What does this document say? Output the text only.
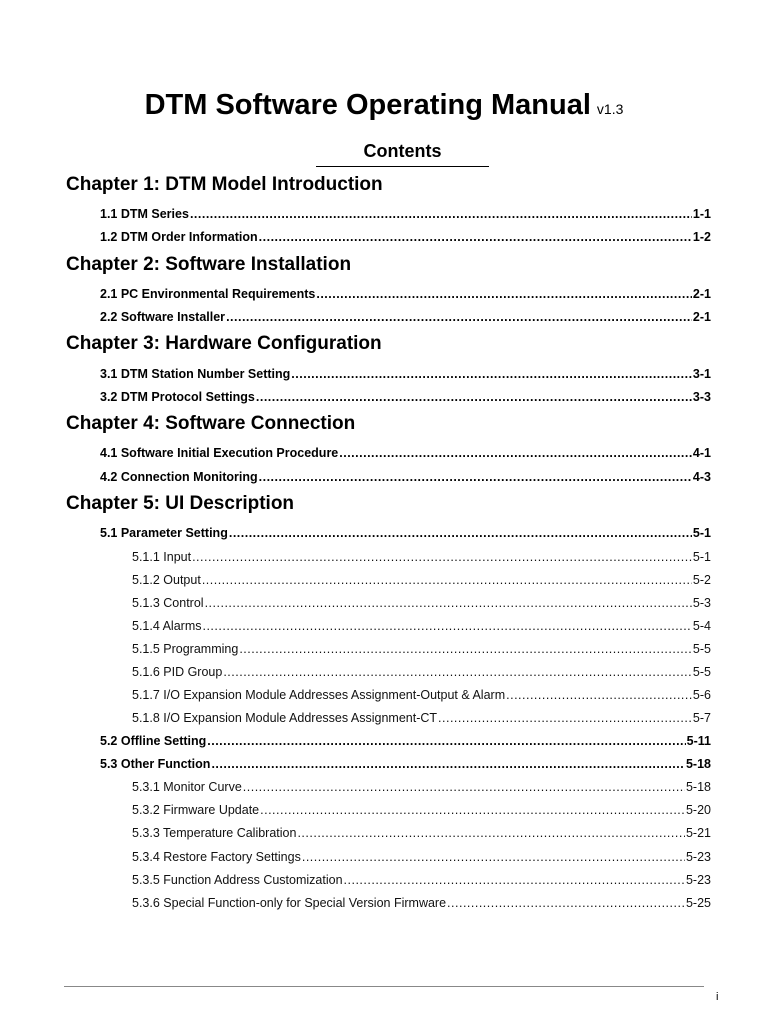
DTM Software Operating Manual v1.3
Contents
Chapter 1: DTM Model Introduction
1.1 DTM Series .....	1-1
1.2 DTM Order Information .....	1-2
Chapter 2: Software Installation
2.1 PC Environmental Requirements .....	2-1
2.2 Software Installer .....	2-1
Chapter 3: Hardware Configuration
3.1 DTM Station Number Setting .....	3-1
3.2 DTM Protocol Settings .....	3-3
Chapter 4: Software Connection
4.1 Software Initial Execution Procedure .....	4-1
4.2 Connection Monitoring .....	4-3
Chapter 5: UI Description
5.1 Parameter Setting .....	5-1
5.1.1 Input .....	5-1
5.1.2 Output .....	5-2
5.1.3 Control .....	5-3
5.1.4 Alarms .....	5-4
5.1.5 Programming .....	5-5
5.1.6 PID Group .....	5-5
5.1.7 I/O Expansion Module Addresses Assignment-Output & Alarm .....	5-6
5.1.8 I/O Expansion Module Addresses Assignment-CT .....	5-7
5.2 Offline Setting .....	5-11
5.3 Other Function .....	5-18
5.3.1 Monitor Curve .....	5-18
5.3.2 Firmware Update .....	5-20
5.3.3 Temperature Calibration .....	5-21
5.3.4 Restore Factory Settings .....	5-23
5.3.5 Function Address Customization .....	5-23
5.3.6 Special Function-only for Special Version Firmware .....	5-25
i
